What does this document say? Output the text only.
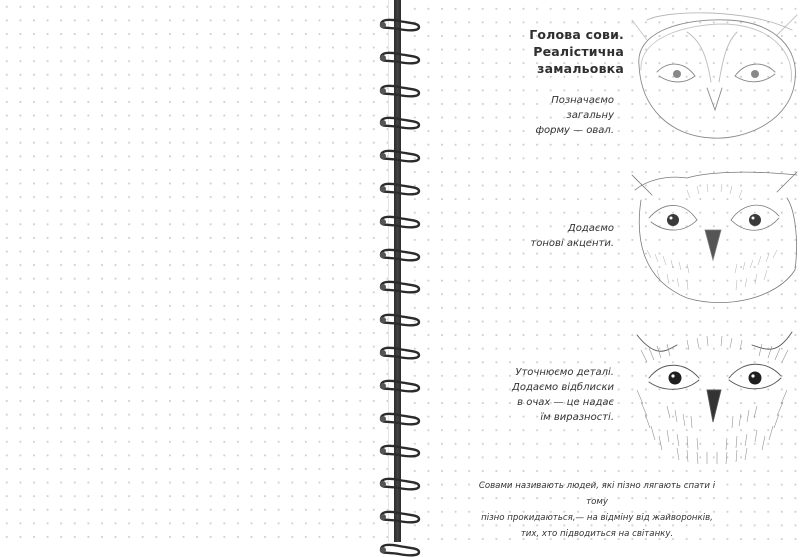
Голова сови.
Реалістична
замальовка
Позначаємо загальну
форму — овал.
Додаємо
тонові акценти.
Уточнюємо деталі.
Додаємо відблиски
в очах — це надає
їм виразності.
Совами називають людей, які пізно лягають спати і тому
пізно прокидаються,— на відміну від жайворонків,
тих, хто підводиться на світанку.
